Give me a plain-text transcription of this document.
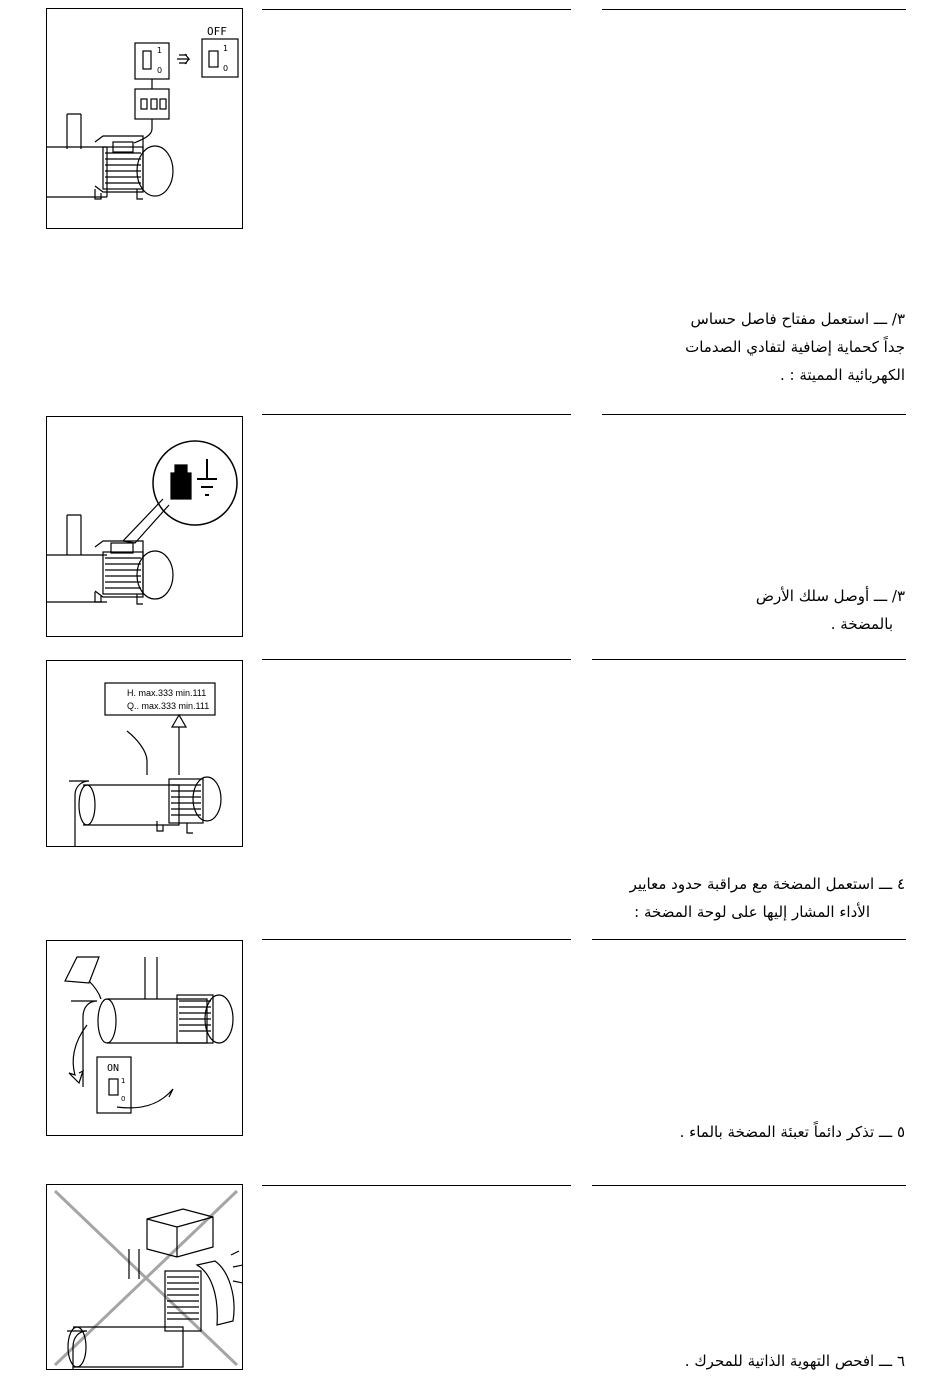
OFF
1
0
1
0
٣/ ـــ استعمل مفتاح فاصل حساس
جداً كحماية إضافية لتفادي الصدمات
الكهربائية المميتة : .
٣/ ـــ أوصل سلك الأرض
بالمضخة .
H. max.333 min.111
Q.. max.333 min.111
٤ ـــ استعمل المضخة مع مراقبة حدود معايير
الأداء المشار إليها على لوحة المضخة :
ON
1
0
٥ ـــ تذكر دائماً تعبئة المضخة بالماء .
٦ ـــ افحص التهوية الذاتية للمحرك .
